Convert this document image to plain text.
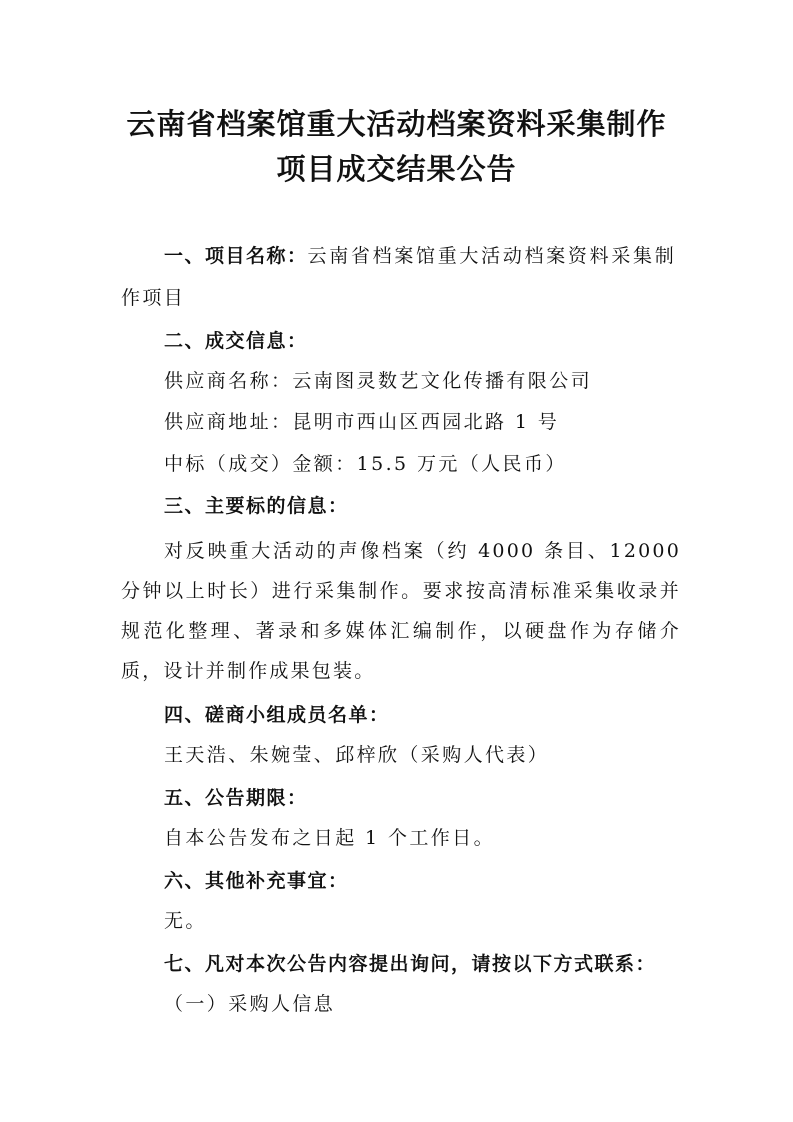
云南省档案馆重大活动档案资料采集制作
项目成交结果公告
一、项目名称：云南省档案馆重大活动档案资料采集制
作项目
二、成交信息：
供应商名称：云南图灵数艺文化传播有限公司
供应商地址：昆明市西山区西园北路 1 号
中标（成交）金额：15.5 万元（人民币）
三、主要标的信息：
对反映重大活动的声像档案（约 4000 条目、12000 分钟以上时长）进行采集制作。要求按高清标准采集收录并规范化整理、著录和多媒体汇编制作，以硬盘作为存储介质，设计并制作成果包装。
四、磋商小组成员名单：
王天浩、朱婉莹、邱梓欣（采购人代表）
五、公告期限：
自本公告发布之日起 1 个工作日。
六、其他补充事宜：
无。
七、凡对本次公告内容提出询问，请按以下方式联系：
（一）采购人信息
